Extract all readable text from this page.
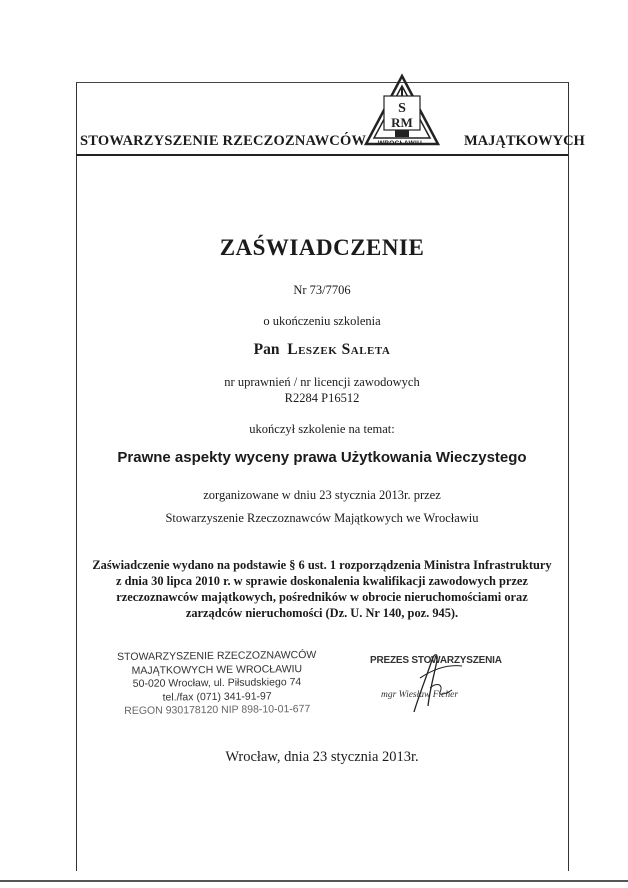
STOWARZYSZENIE RZECZOZNAWCÓW	MAJĄTKOWYCH
S
RM
WROCŁAWIU
ZAŚWIADCZENIE
Nr 73/7706
o ukończeniu szkolenia
Pan Leszek Saleta
nr uprawnień / nr licencji zawodowych
R2284 P16512
ukończył szkolenie na temat:
Prawne aspekty wyceny prawa Użytkowania Wieczystego
zorganizowane w dniu 23 stycznia 2013r. przez
Stowarzyszenie Rzeczoznawców Majątkowych we Wrocławiu
Zaświadczenie wydano na podstawie § 6 ust. 1 rozporządzenia Ministra Infrastruktury
z dnia 30 lipca 2010 r. w sprawie doskonalenia kwalifikacji zawodowych przez
rzeczoznawców majątkowych, pośredników w obrocie nieruchomościami oraz
zarządców nieruchomości (Dz. U. Nr 140, poz. 945).
STOWARZYSZENIE RZECZOZNAWCÓW
MAJĄTKOWYCH WE WROCŁAWIU
50-020 Wrocław, ul. Piłsudskiego 74
tel./fax (071) 341-91-97
REGON 930178120 NIP 898-10-01-677
PREZES STOWARZYSZENIA
mgr Wiesław Ficher
Wrocław, dnia 23 stycznia 2013r.
